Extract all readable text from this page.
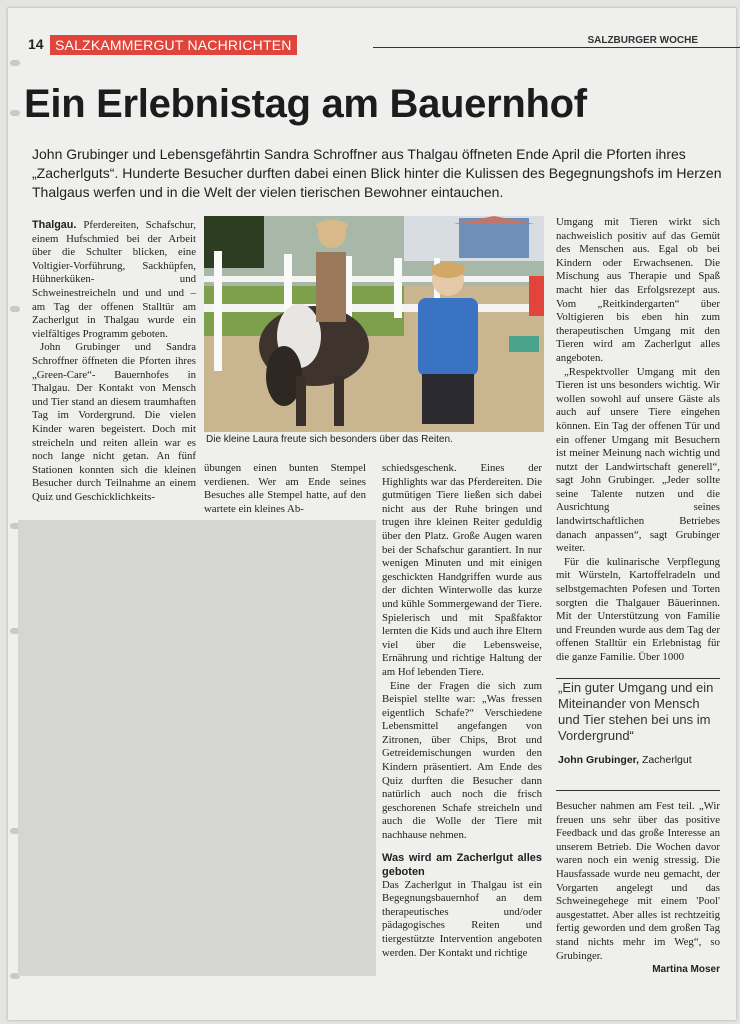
14 SALZKAMMERGUT NACHRICHTEN	SALZBURGER WOCHE
Ein Erlebnistag am Bauernhof
John Grubinger und Lebensgefährtin Sandra Schroffner aus Thalgau öffneten Ende April die Pforten ihres „Zacherlguts“. Hunderte Besucher durften dabei einen Blick hinter die Kulissen des Begegnungshofs im Herzen Thalgaus werfen und in die Welt der vielen tierischen Bewohner eintauchen.

Thalgau. Pferdereiten, Schafschur, einem Hufschmied bei der Arbeit über die Schulter blicken, eine Voltigier-Vorführung, Sackhüpfen, Hühnerküken- und Schweinestreicheln und und und – am Tag der offenen Stalltür am Zacherlgut in Thalgau wurde ein vielfältiges Programm geboten.

John Grubinger und Sandra Schroffner öffneten die Pforten ihres „Green-Care“- Bauernhofes in Thalgau. Der Kontakt von Mensch und Tier stand an diesem traumhaften Tag im Vordergrund. Die vielen Kinder waren begeistert. Doch mit streicheln und reiten allein war es noch lange nicht getan. An fünf Stationen konnten sich die kleinen Besucher durch Teilnahme an einem Quiz und Geschicklichkeits-

Die kleine Laura freute sich besonders über das Reiten.

übungen einen bunten Stempel verdienen. Wer am Ende seines Besuches alle Stempel hatte, auf den wartete ein kleines Ab-

schiedsgeschenk. Eines der Highlights war das Pferdereiten. Die gutmütigen Tiere ließen sich dabei nicht aus der Ruhe bringen und trugen ihre kleinen Reiter geduldig über den Platz. Große Augen waren bei der Schafschur garantiert. In nur wenigen Minuten und mit einigen geschickten Handgriffen wurde aus der dichten Winterwolle das kurze und kühle Sommergewand der Tiere. Spielerisch und mit Spaßfaktor lernten die Kids und auch ihre Eltern viel über die Lebensweise, Ernährung und richtige Haltung der am Hof lebenden Tiere.

Eine der Fragen die sich zum Beispiel stellte war: „Was fressen eigentlich Schafe?“ Verschiedene Lebensmittel angefangen von Zitronen, über Chips, Brot und Getreidemischungen wurden den Kindern präsentiert. Am Ende des Quiz durften die Besucher dann natürlich auch noch die frisch geschorenen Schafe streicheln und auch die Wolle der Tiere mit nachhause nehmen.

Was wird am Zacherlgut alles geboten

Das Zacherlgut in Thalgau ist ein Begegnungsbauernhof an dem therapeutisches und/oder pädagogisches Reiten und tiergestützte Intervention angeboten werden. Der Kontakt und richtige

Umgang mit Tieren wirkt sich nachweislich positiv auf das Gemüt des Menschen aus. Egal ob bei Kindern oder Erwachsenen. Die Mischung aus Therapie und Spaß macht hier das Erfolgsrezept aus. Vom „Reitkindergarten“ über Voltigieren bis eben hin zum therapeutischen Umgang mit den Tieren wird am Zacherlgut alles angeboten.

„Respektvoller Umgang mit den Tieren ist uns besonders wichtig. Wir wollen sowohl auf unsere Gäste als auch auf unsere Tiere eingehen können. Ein Tag der offenen Tür und ein offener Umgang mit Besuchern ist meiner Meinung nach wichtig und nutzt der Landwirtschaft generell“, sagt John Grubinger. „Jeder sollte seine Talente nutzen und die Ausrichtung seines landwirtschaftlichen Betriebes danach anpassen“, sagt Grubinger weiter.

Für die kulinarische Verpflegung mit Würsteln, Kartoffelradeln und selbstgemachten Pofesen und Torten sorgten die Thalgauer Bäuerinnen. Mit der Unterstützung von Familie und Freunden wurde aus dem Tag der offenen Stalltür ein Erlebnistag für die ganze Familie. Über 1000

„Ein guter Umgang und ein Miteinander von Mensch und Tier stehen bei uns im Vordergrund“
John Grubinger, Zacherlgut

Besucher nahmen am Fest teil. „Wir freuen uns sehr über das positive Feedback und das große Interesse an unserem Betrieb. Die Wochen davor waren noch ein wenig stressig. Die Hausfassade wurde neu gemacht, der Vorgarten angelegt und das Schweinegehege mit einem 'Pool' ausgestattet. Aber alles ist rechtzeitig fertig geworden und dem großen Tag stand nichts mehr im Weg“, so Grubinger.

Martina Moser
